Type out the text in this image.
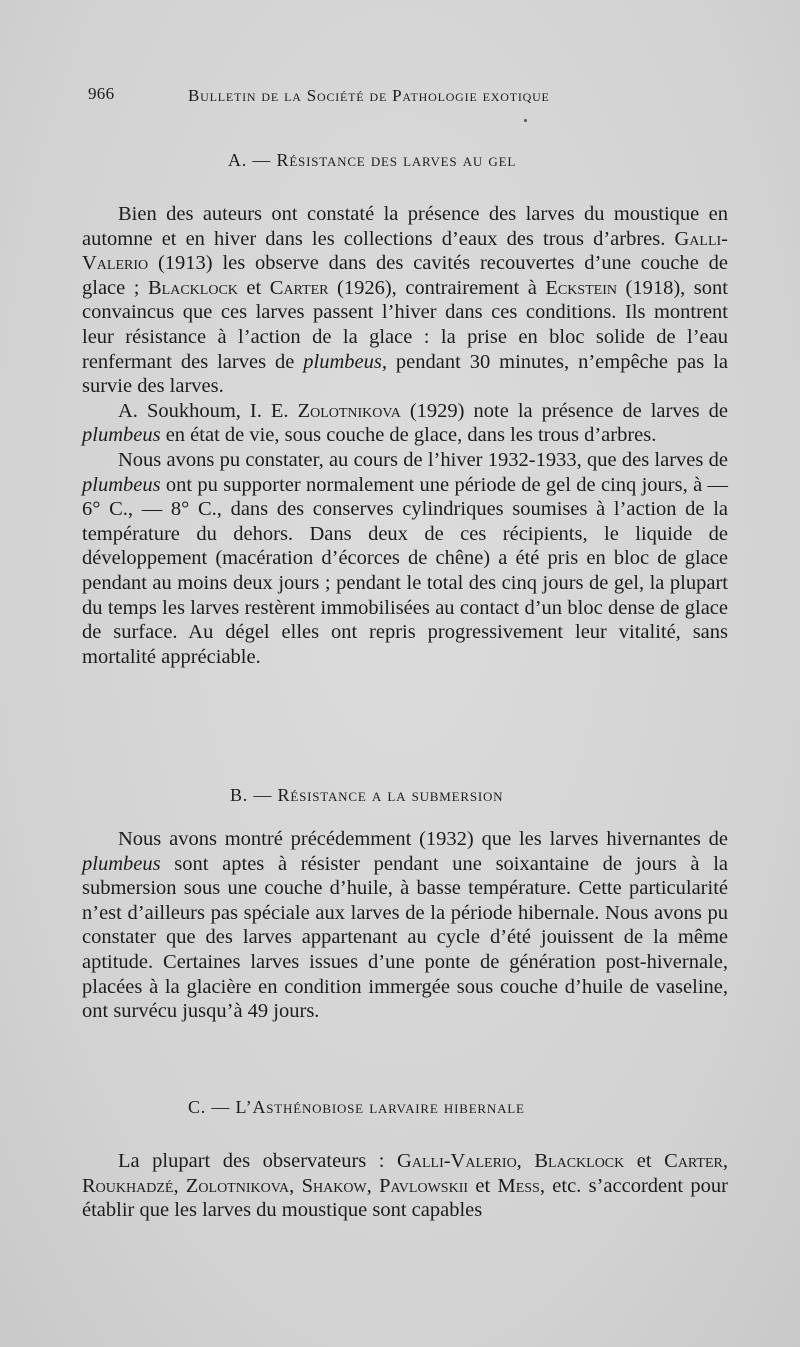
966	Bulletin de la Société de Pathologie exotique
A. — Résistance des larves au gel

Bien des auteurs ont constaté la présence des larves du moustique en automne et en hiver dans les collections d’eaux des trous d’arbres. Galli-Valerio (1913) les observe dans des cavités recouvertes d’une couche de glace ; Blacklock et Carter (1926), contrairement à Eckstein (1918), sont convaincus que ces larves passent l’hiver dans ces conditions. Ils montrent leur résistance à l’action de la glace : la prise en bloc solide de l’eau renfermant des larves de plumbeus, pendant 30 minutes, n’empêche pas la survie des larves.

A. Soukhoum, I. E. Zolotnikova (1929) note la présence de larves de plumbeus en état de vie, sous couche de glace, dans les trous d’arbres.

Nous avons pu constater, au cours de l’hiver 1932-1933, que des larves de plumbeus ont pu supporter normalement une période de gel de cinq jours, à — 6° C., — 8° C., dans des conserves cylindriques soumises à l’action de la température du dehors. Dans deux de ces récipients, le liquide de développement (macération d’écorces de chêne) a été pris en bloc de glace pendant au moins deux jours ; pendant le total des cinq jours de gel, la plupart du temps les larves restèrent immobilisées au contact d’un bloc dense de glace de surface. Au dégel elles ont repris progressivement leur vitalité, sans mortalité appréciable.

B. — Résistance a la submersion

Nous avons montré précédemment (1932) que les larves hivernantes de plumbeus sont aptes à résister pendant une soixantaine de jours à la submersion sous une couche d’huile, à basse température. Cette particularité n’est d’ailleurs pas spéciale aux larves de la période hibernale. Nous avons pu constater que des larves appartenant au cycle d’été jouissent de la même aptitude. Certaines larves issues d’une ponte de génération post-hivernale, placées à la glacière en condition immergée sous couche d’huile de vaseline, ont survécu jusqu’à 49 jours.

C. — L’Asthénobiose larvaire hibernale

La plupart des observateurs : Galli-Valerio, Blacklock et Carter, Roukhadzé, Zolotnikova, Shakow, Pavlowskii et Mess, etc. s’accordent pour établir que les larves du moustique sont capables
